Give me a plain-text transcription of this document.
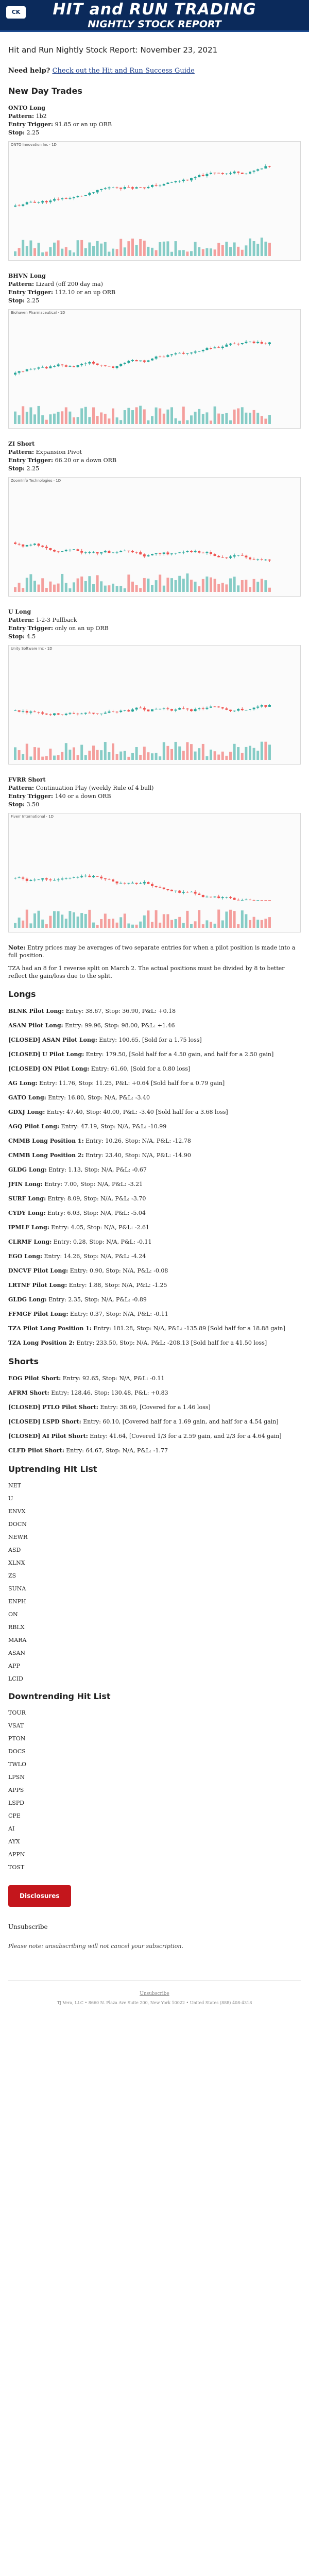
CK	HIT and RUN TRADING
NIGHTLY STOCK REPORT
Hit and Run Nightly Stock Report: November 23, 2021
Need help? Check out the Hit and Run Success Guide
New Day Trades
ONTO Long
Pattern: 1b2
Entry Trigger: 91.85 or an up ORB
Stop: 2.25
ONTO Innovation Inc · 1D
BHVN Long
Pattern: Lizard (off 200 day ma)
Entry Trigger: 112.10 or an up ORB
Stop: 2.25
Biohaven Pharmaceutical · 1D
ZI Short
Pattern: Expansion Pivot
Entry Trigger: 66.20 or a down ORB
Stop: 2.25
ZoomInfo Technologies · 1D
U Long
Pattern: 1-2-3 Pullback
Entry Trigger: only on an up ORB
Stop: 4.5
Unity Software Inc · 1D
FVRR Short
Pattern: Continuation Play (weekly Rule of 4 bull)
Entry Trigger: 140 or a down ORB
Stop: 3.50
Fiverr International · 1D
Note: Entry prices may be averages of two separate entries for when a pilot position is made into a full position.
TZA had an 8 for 1 reverse split on March 2. The actual positions must be divided by 8 to better reflect the gain/loss due to the split.
Longs
BLNK Pilot Long: Entry: 38.67, Stop: 36.90, P&L: +0.18
ASAN Pilot Long: Entry: 99.96, Stop: 98.00, P&L: +1.46
[CLOSED] ASAN Pilot Long: Entry: 100.65, [Sold for a 1.75 loss]
[CLOSED] U Pilot Long: Entry: 179.50, [Sold half for a 4.50 gain, and half for a 2.50 gain]
[CLOSED] ON Pilot Long: Entry: 61.60, [Sold for a 0.80 loss]
AG Long: Entry: 11.76, Stop: 11.25, P&L: +0.64 [Sold half for a 0.79 gain]
GATO Long: Entry: 16.80, Stop: N/A, P&L: -3.40
GDXJ Long: Entry: 47.40, Stop: 40.00, P&L: -3.40 [Sold half for a 3.68 loss]
AGQ Pilot Long: Entry: 47.19, Stop: N/A, P&L: -10.99
CMMB Long Position 1: Entry: 10.26, Stop: N/A, P&L: -12.78
CMMB Long Position 2: Entry: 23.40, Stop: N/A, P&L: -14.90
GLDG Long: Entry: 1.13, Stop: N/A, P&L: -0.67
JFIN Long: Entry: 7.00, Stop: N/A, P&L: -3.21
SURF Long: Entry: 8.09, Stop: N/A, P&L: -3.70
CYDY Long: Entry: 6.03, Stop: N/A, P&L: -5.04
IPMLF Long: Entry: 4.05, Stop: N/A, P&L: -2.61
CLRMF Long: Entry: 0.28, Stop: N/A, P&L: -0.11
EGO Long: Entry: 14.26, Stop: N/A, P&L: -4.24
DNCVF Pilot Long: Entry: 0.90, Stop: N/A, P&L: -0.08
LRTNF Pilot Long: Entry: 1.88, Stop: N/A, P&L: -1.25
GLDG Long: Entry: 2.35, Stop: N/A, P&L: -0.89
FFMGF Pilot Long: Entry: 0.37, Stop: N/A, P&L: -0.11
TZA Pilot Long Position 1: Entry: 181.28, Stop: N/A, P&L: -135.89 [Sold half for a 18.88 gain]
TZA Long Position 2: Entry: 233.50, Stop: N/A, P&L: -208.13 [Sold half for a 41.50 loss]
Shorts
EOG Pilot Short: Entry: 92.65, Stop: N/A, P&L: -0.11
AFRM Short: Entry: 128.46, Stop: 130.48, P&L: +0.83
[CLOSED] PTLO Pilot Short: Entry: 38.69, [Covered for a 1.46 loss]
[CLOSED] LSPD Short: Entry: 60.10, [Covered half for a 1.69 gain, and half for a 4.54 gain]
[CLOSED] AI Pilot Short: Entry: 41.64, [Covered 1/3 for a 2.59 gain, and 2/3 for a 4.64 gain]
CLFD Pilot Short: Entry: 64.67, Stop: N/A, P&L: -1.77
Uptrending Hit List
NET
U
ENVX
DOCN
NEWR
ASD
XLNX
ZS
SUNA
ENPH
ON
RBLX
MARA
ASAN
APP
LCID
Downtrending Hit List
TOUR
VSAT
PTON
DOCS
TWLO
LPSN
APPS
LSPD
CPE
AI
AYX
APPN
TOST
Disclosures
Unsubscribe
Please note: unsubscribing will not cancel your subscription.
Unsubscribe
TJ Vera, LLC • 8660 N. Plaza Ave Suite 200, New York 10022 • United States (888) 408-4318
